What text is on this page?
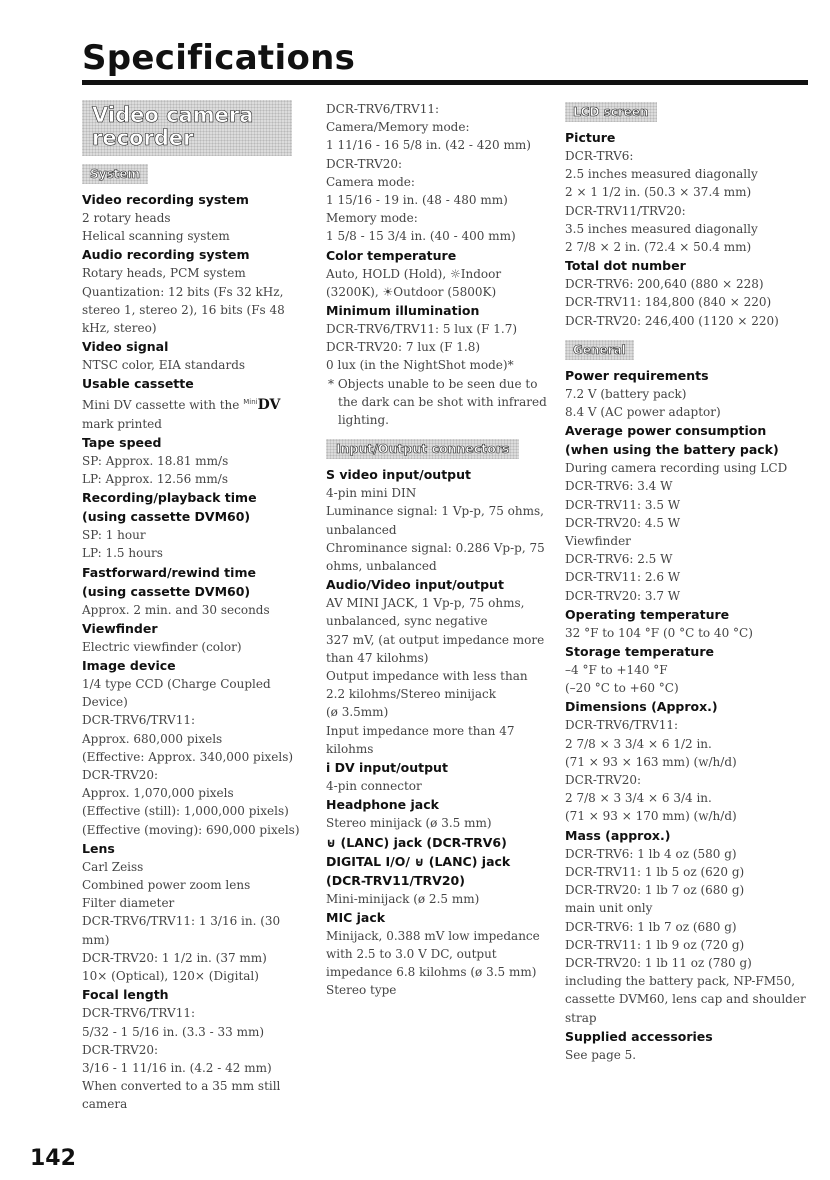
Specifications
Video camera recorder
System
Video recording system
2 rotary heads
Helical scanning system
Audio recording system
Rotary heads, PCM system
Quantization: 12 bits (Fs 32 kHz, stereo 1, stereo 2), 16 bits (Fs 48 kHz, stereo)
Video signal
NTSC color, EIA standards
Usable cassette
Mini DV cassette with the MiniDV
mark printed
Tape speed
SP: Approx. 18.81 mm/s
LP: Approx. 12.56 mm/s
Recording/playback time (using cassette DVM60)
SP: 1 hour
LP: 1.5 hours
Fastforward/rewind time (using cassette DVM60)
Approx. 2 min. and 30 seconds
Viewfinder
Electric viewfinder (color)
Image device
1/4 type CCD (Charge Coupled Device)
DCR-TRV6/TRV11:
Approx. 680,000 pixels
(Effective: Approx. 340,000 pixels)
DCR-TRV20:
Approx. 1,070,000 pixels
(Effective (still): 1,000,000 pixels)
(Effective (moving): 690,000 pixels)
Lens
Carl Zeiss
Combined power zoom lens
Filter diameter
DCR-TRV6/TRV11: 1 3/16 in. (30 mm)
DCR-TRV20: 1 1/2 in. (37 mm)
10× (Optical), 120× (Digital)
Focal length
DCR-TRV6/TRV11:
5/32 - 1 5/16 in. (3.3 - 33 mm)
DCR-TRV20:
3/16 - 1 11/16 in. (4.2 - 42 mm)
When converted to a 35 mm still camera
DCR-TRV6/TRV11:
Camera/Memory mode:
1 11/16 - 16 5/8 in. (42 - 420 mm)
DCR-TRV20:
Camera mode:
1 15/16 - 19 in. (48 - 480 mm)
Memory mode:
1 5/8 - 15 3/4 in. (40 - 400 mm)
Color temperature
Auto, HOLD (Hold), ☼Indoor (3200K), ☀Outdoor (5800K)
Minimum illumination
DCR-TRV6/TRV11: 5 lux (F 1.7)
DCR-TRV20: 7 lux (F 1.8)
0 lux (in the NightShot mode)*
* Objects unable to be seen due to the dark can be shot with infrared lighting.
Input/Output connectors
S video input/output
4-pin mini DIN
Luminance signal: 1 Vp-p, 75 ohms, unbalanced
Chrominance signal: 0.286 Vp-p, 75 ohms, unbalanced
Audio/Video input/output
AV MINI JACK, 1 Vp-p, 75 ohms, unbalanced, sync negative
327 mV, (at output impedance more than 47 kilohms)
Output impedance with less than 2.2 kilohms/Stereo minijack
(ø 3.5mm)
Input impedance more than 47 kilohms
i DV input/output
4-pin connector
Headphone jack
Stereo minijack (ø 3.5 mm)
⊌ (LANC) jack (DCR-TRV6)
DIGITAL I/O/ ⊌ (LANC) jack
(DCR-TRV11/TRV20)
Mini-minijack (ø 2.5 mm)
MIC jack
Minijack, 0.388 mV low impedance with 2.5 to 3.0 V DC, output impedance 6.8 kilohms (ø 3.5 mm)
Stereo type
LCD screen
Picture
DCR-TRV6:
2.5 inches measured diagonally
2 × 1 1/2 in. (50.3 × 37.4 mm)
DCR-TRV11/TRV20:
3.5 inches measured diagonally
2 7/8 × 2 in. (72.4 × 50.4 mm)
Total dot number
DCR-TRV6: 200,640 (880 × 228)
DCR-TRV11: 184,800 (840 × 220)
DCR-TRV20: 246,400 (1120 × 220)
General
Power requirements
7.2 V (battery pack)
8.4 V (AC power adaptor)
Average power consumption (when using the battery pack)
During camera recording using LCD
DCR-TRV6: 3.4 W
DCR-TRV11: 3.5 W
DCR-TRV20: 4.5 W
Viewfinder
DCR-TRV6: 2.5 W
DCR-TRV11: 2.6 W
DCR-TRV20: 3.7 W
Operating temperature
32 °F to 104 °F (0 °C to 40 °C)
Storage temperature
–4 °F to +140 °F
(–20 °C to +60 °C)
Dimensions (Approx.)
DCR-TRV6/TRV11:
2 7/8 × 3 3/4 × 6 1/2 in.
(71 × 93 × 163 mm) (w/h/d)
DCR-TRV20:
2 7/8 × 3 3/4 × 6 3/4 in.
(71 × 93 × 170 mm) (w/h/d)
Mass (approx.)
DCR-TRV6: 1 lb 4 oz (580 g)
DCR-TRV11: 1 lb 5 oz (620 g)
DCR-TRV20: 1 lb 7 oz (680 g)
main unit only
DCR-TRV6: 1 lb 7 oz (680 g)
DCR-TRV11: 1 lb 9 oz (720 g)
DCR-TRV20: 1 lb 11 oz (780 g)
including the battery pack, NP-FM50, cassette DVM60, lens cap and shoulder strap
Supplied accessories
See page 5.
142
